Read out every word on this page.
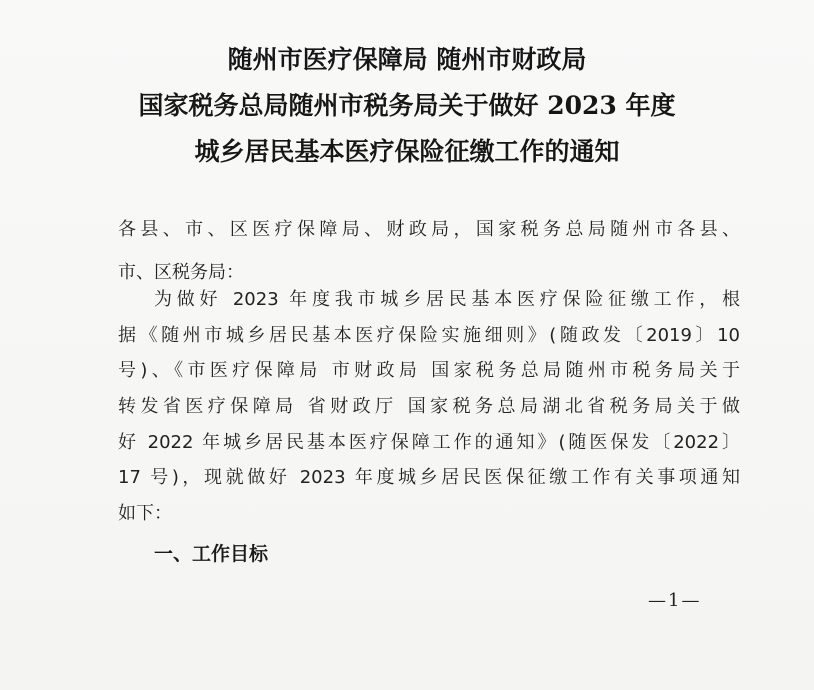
随州市医疗保障局 随州市财政局
国家税务总局随州市税务局关于做好 2023 年度
城乡居民基本医疗保险征缴工作的通知
各县、市、区医疗保障局、财政局，国家税务总局随州市各县、
市、区税务局：
为做好 2023 年度我市城乡居民基本医疗保险征缴工作，根
据《随州市城乡居民基本医疗保险实施细则》(随政发〔2019〕10
号)、《市医疗保障局 市财政局 国家税务总局随州市税务局关于
转发省医疗保障局 省财政厅 国家税务总局湖北省税务局关于做
好 2022 年城乡居民基本医疗保障工作的通知》(随医保发〔2022〕
17 号)，现就做好 2023 年度城乡居民医保征缴工作有关事项通知
如下：
一、工作目标
—1—
